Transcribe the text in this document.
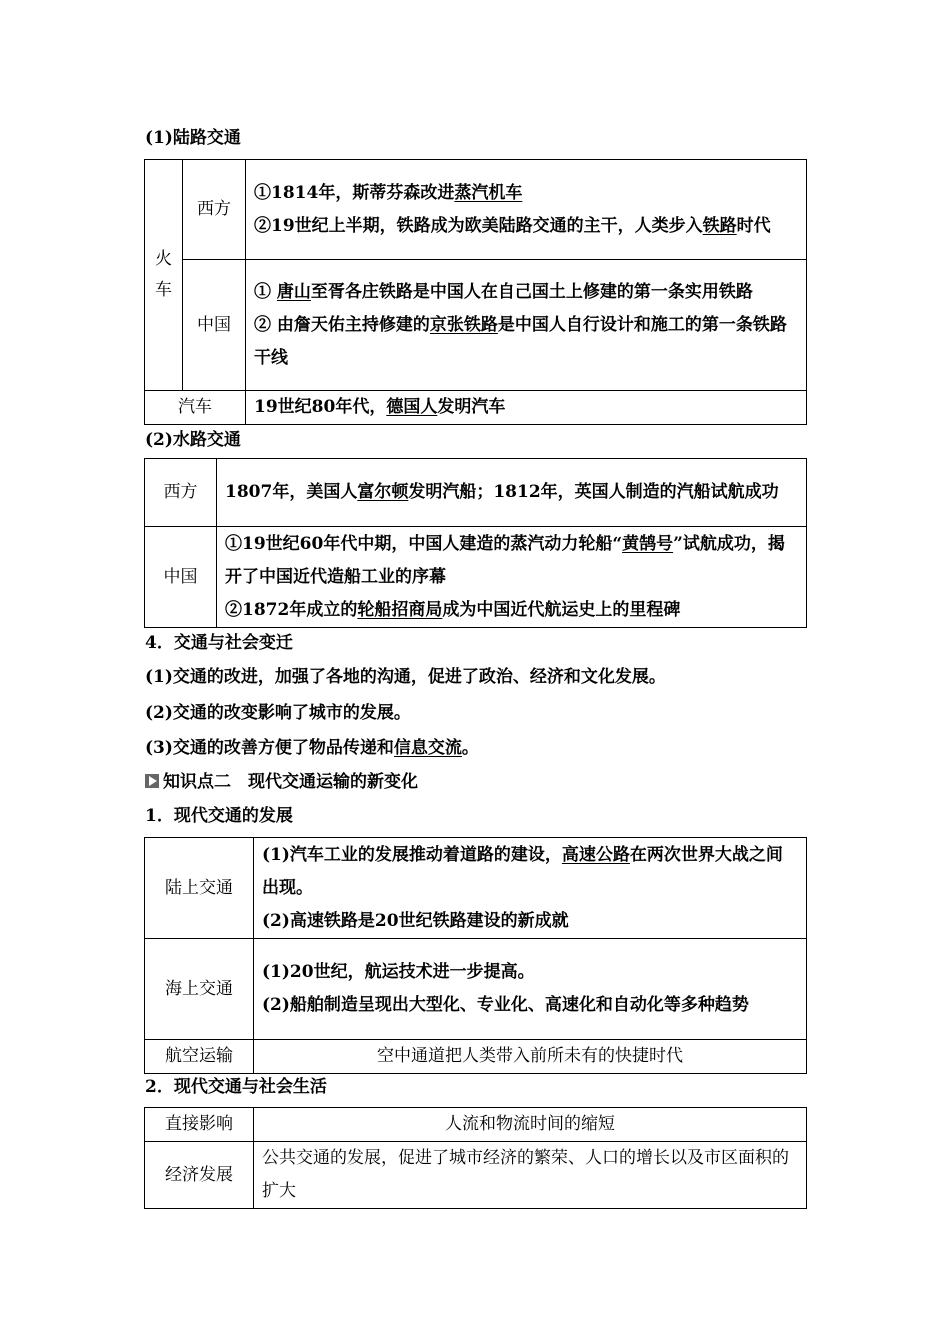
(1)陆路交通
火车	西方	①1814年，斯蒂芬森改进蒸汽机车
②19世纪上半期，铁路成为欧美陆路交通的主干，人类步入铁路时代

	中国	① 唐山至胥各庄铁路是中国人在自己国土上修建的第一条实用铁路
② 由詹天佑主持修建的京张铁路是中国人自行设计和施工的第一条铁路干线

汽车		19世纪80年代，德国人发明汽车
(2)水路交通
西方	1807年，美国人富尔顿发明汽船；1812年，英国人制造的汽船试航成功
中国	①19世纪60年代中期，中国人建造的蒸汽动力轮船“黄鹄号”试航成功，揭开了中国近代造船工业的序幕
②1872年成立的轮船招商局成为中国近代航运史上的里程碑
4．交通与社会变迁
(1)交通的改进，加强了各地的沟通，促进了政治、经济和文化发展。
(2)交通的改变影响了城市的发展。
(3)交通的改善方便了物品传递和信息交流。
知识点二　现代交通运输的新变化
1．现代交通的发展
陆上交通	(1)汽车工业的发展推动着道路的建设，高速公路在两次世界大战之间出现。
(2)高速铁路是20世纪铁路建设的新成就

海上交通	(1)20世纪，航运技术进一步提高。
(2)船舶制造呈现出大型化、专业化、高速化和自动化等多种趋势

航空运输	空中通道把人类带入前所未有的快捷时代
2．现代交通与社会生活
直接影响	人流和物流时间的缩短
经济发展	公共交通的发展，促进了城市经济的繁荣、人口的增长以及市区面积的扩大
